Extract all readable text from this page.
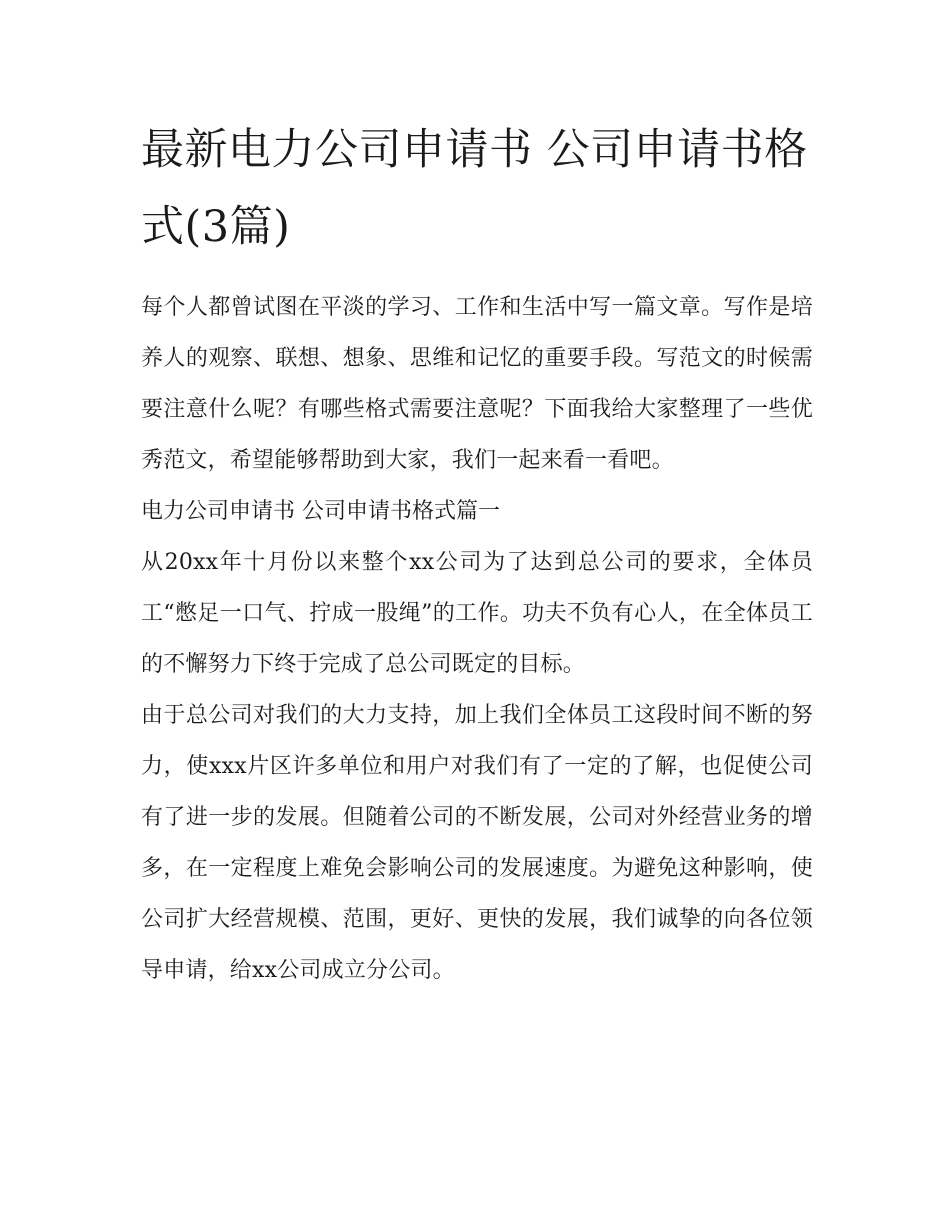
最新电力公司申请书 公司申请书格式(3篇)

每个人都曾试图在平淡的学习、工作和生活中写一篇文章。写作是培养人的观察、联想、想象、思维和记忆的重要手段。写范文的时候需要注意什么呢？有哪些格式需要注意呢？下面我给大家整理了一些优秀范文，希望能够帮助到大家，我们一起来看一看吧。

电力公司申请书 公司申请书格式篇一

从20xx年十月份以来整个xx公司为了达到总公司的要求，全体员工“憋足一口气、拧成一股绳”的工作。功夫不负有心人，在全体员工的不懈努力下终于完成了总公司既定的目标。

由于总公司对我们的大力支持，加上我们全体员工这段时间不断的努力，使xxx片区许多单位和用户对我们有了一定的了解，也促使公司有了进一步的发展。但随着公司的不断发展，公司对外经营业务的增多，在一定程度上难免会影响公司的发展速度。为避免这种影响，使公司扩大经营规模、范围，更好、更快的发展，我们诚挚的向各位领导申请，给xx公司成立分公司。
